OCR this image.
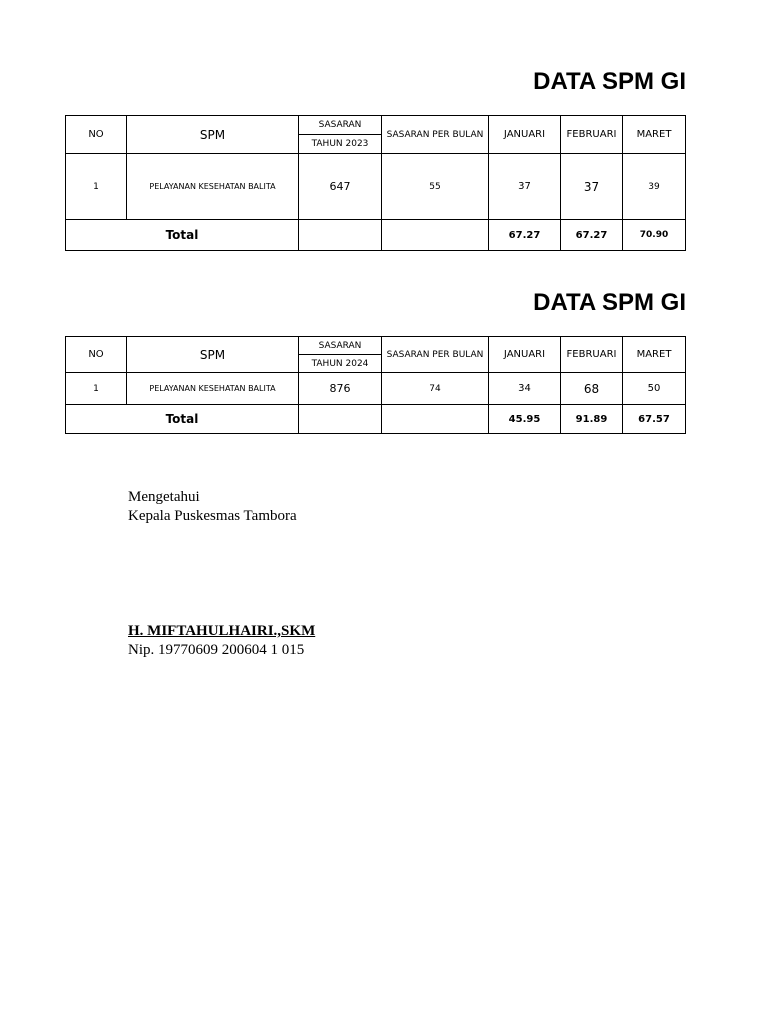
DATA SPM GI
NO	SPM	SASARAN	SASARAN PER BULAN	JANUARI	FEBRUARI	MARET
		TAHUN 2023				
1	PELAYANAN KESEHATAN BALITA	647	55	37	37	39
Total				67.27	67.27	70.90
DATA SPM GI
NO	SPM	SASARAN	SASARAN PER BULAN	JANUARI	FEBRUARI	MARET
		TAHUN 2024				
1	PELAYANAN KESEHATAN BALITA	876	74	34	68	50
Total				45.95	91.89	67.57
Mengetahui
Kepala Puskesmas Tambora
H. MIFTAHULHAIRI.,SKM
Nip. 19770609 200604 1 015
